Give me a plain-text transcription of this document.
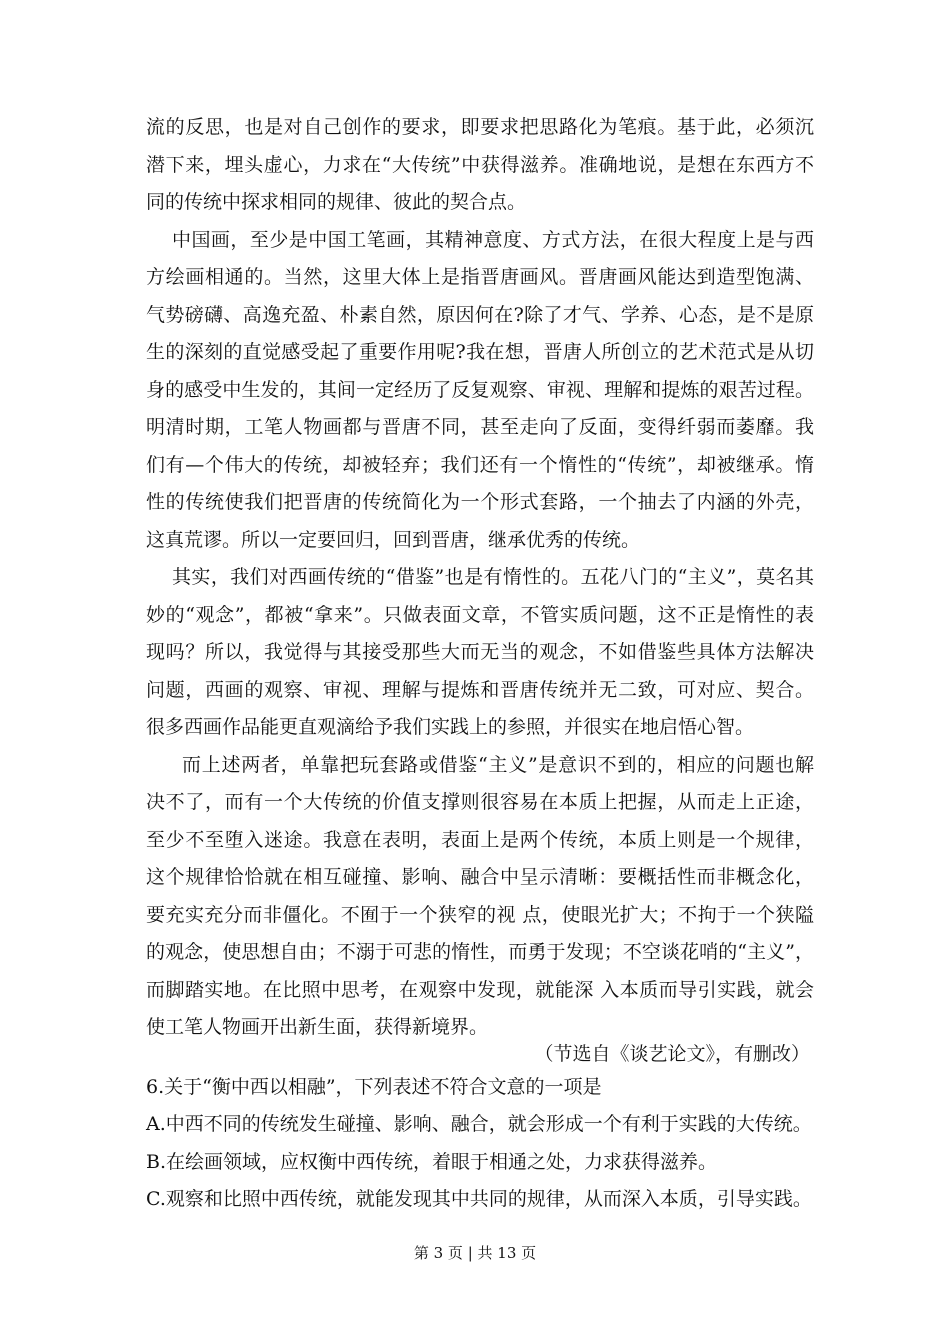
流的反思，也是对自己创作的要求，即要求把思路化为笔痕。基于此，必须沉
潜下来，埋头虚心，力求在“大传统”中获得滋养。准确地说，是想在东西方不
同的传统中探求相同的规律、彼此的契合点。
中国画，至少是中国工笔画，其精神意度、方式方法，在很大程度上是与西
方绘画相通的。当然，这里大体上是指晋唐画风。晋唐画风能达到造型饱满、
气势磅礴、高逸充盈、朴素自然，原因何在?除了才气、学养、心态，是不是原
生的深刻的直觉感受起了重要作用呢?我在想，晋唐人所创立的艺术范式是从切
身的感受中生发的，其间一定经历了反复观察、审视、理解和提炼的艰苦过程。
明清时期，工笔人物画都与晋唐不同，甚至走向了反面，变得纤弱而萎靡。我
们有—个伟大的传统，却被轻弃；我们还有一个惰性的“传统”，却被继承。惰
性的传统使我们把晋唐的传统简化为一个形式套路，一个抽去了内涵的外壳，
这真荒谬。所以一定要回归，回到晋唐，继承优秀的传统。
其实，我们对西画传统的“借鉴”也是有惰性的。五花八门的“主义”，莫名其
妙的“观念”，都被“拿来”。只做表面文章，不管实质问题，这不正是惰性的表
现吗？所以，我觉得与其接受那些大而无当的观念，不如借鉴些具体方法解决
问题，西画的观察、审视、理解与提炼和晋唐传统并无二致，可对应、契合。
很多西画作品能更直观滴给予我们实践上的参照，并很实在地启悟心智。
而上述两者，单靠把玩套路或借鉴“主义”是意识不到的，相应的问题也解
决不了，而有一个大传统的价值支撑则很容易在本质上把握，从而走上正途，
至少不至堕入迷途。我意在表明，表面上是两个传统，本质上则是一个规律，
这个规律恰恰就在相互碰撞、影响、融合中呈示清晰：要概括性而非概念化，
要充实充分而非僵化。不囿于一个狭窄的视 点，使眼光扩大；不拘于一个狭隘
的观念，使思想自由；不溺于可悲的惰性，而勇于发现；不空谈花哨的“主义”，
而脚踏实地。在比照中思考，在观察中发现，就能深 入本质而导引实践，就会
使工笔人物画开出新生面，获得新境界。
（节选自《谈艺论文》，有删改）
6.关于“衡中西以相融”，下列表述不符合文意的一项是
A.中西不同的传统发生碰撞、影响、融合，就会形成一个有利于实践的大传统。
B.在绘画领域，应权衡中西传统，着眼于相通之处，力求获得滋养。
C.观察和比照中西传统，就能发现其中共同的规律，从而深入本质，引导实践。
第 3 页 | 共 13 页
